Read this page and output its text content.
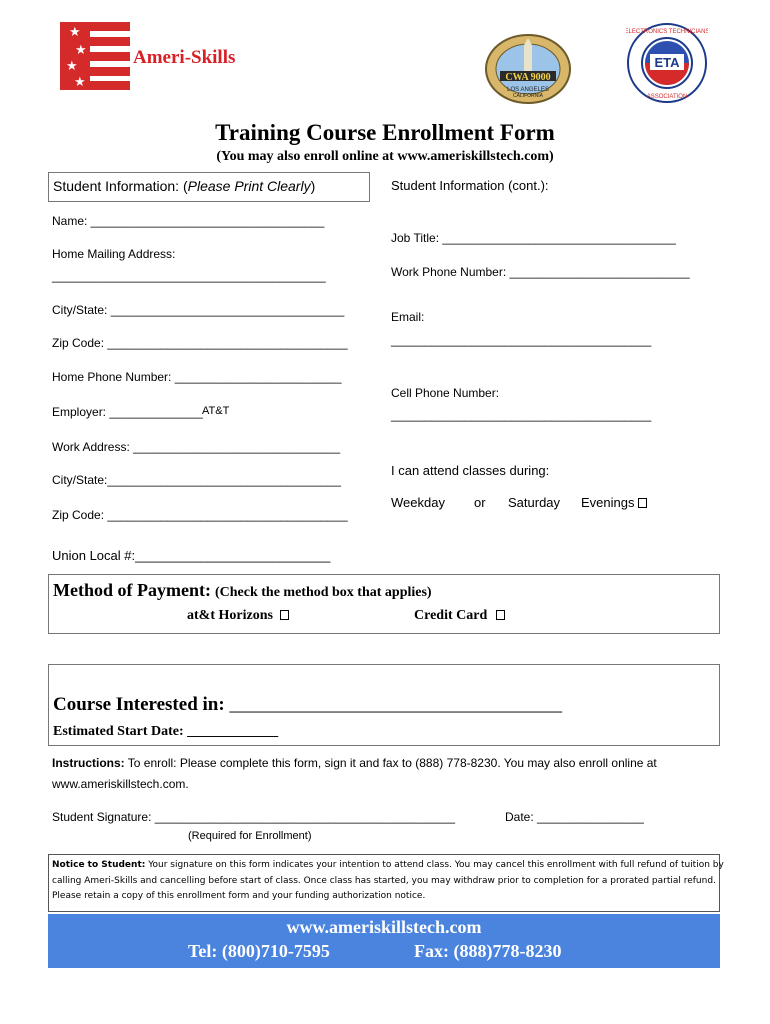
★
★
★
★
Ameri-Skills
CWA 9000
LOS ANGELES
CALIFORNIA
ETA
ELECTRONICS TECHNICIANS
ASSOCIATION
Training Course Enrollment Form
(You may also enroll online at www.ameriskillstech.com)
Student Information: (Please Print Clearly)
Name: ___________________________________
Home Mailing Address:
_________________________________________
City/State: ___________________________________
Zip Code: ____________________________________
Home Phone Number: _________________________
Employer: ______________ AT&T
Work Address: _______________________________
City/State:___________________________________
Zip Code: ____________________________________
Union Local #:___________________________
Student Information (cont.):
Job Title: ___________________________________
Work Phone Number: ___________________________
Email:
_______________________________________
Cell Phone Number:
_______________________________________
I can attend classes during:
Weekday or Saturday Evenings
Method of Payment: (Check the method box that applies)
at&t Horizons	Credit Card
Course Interested in: ___________________________________
Estimated Start Date: _____________
Instructions: To enroll: Please complete this form, sign it and fax to (888) 778-8230. You may also enroll online at
www.ameriskillstech.com.
Student Signature: _____________________________________________	Date: ________________
(Required for Enrollment)
Notice to Student: Your signature on this form indicates your intention to attend class. You may cancel this enrollment with full refund of tuition by
calling Ameri-Skills and cancelling before start of class. Once class has started, you may withdraw prior to completion for a prorated partial refund.
Please retain a copy of this enrollment form and your funding authorization notice.
www.ameriskillstech.com
Tel: (800)710-7595	Fax: (888)778-8230
